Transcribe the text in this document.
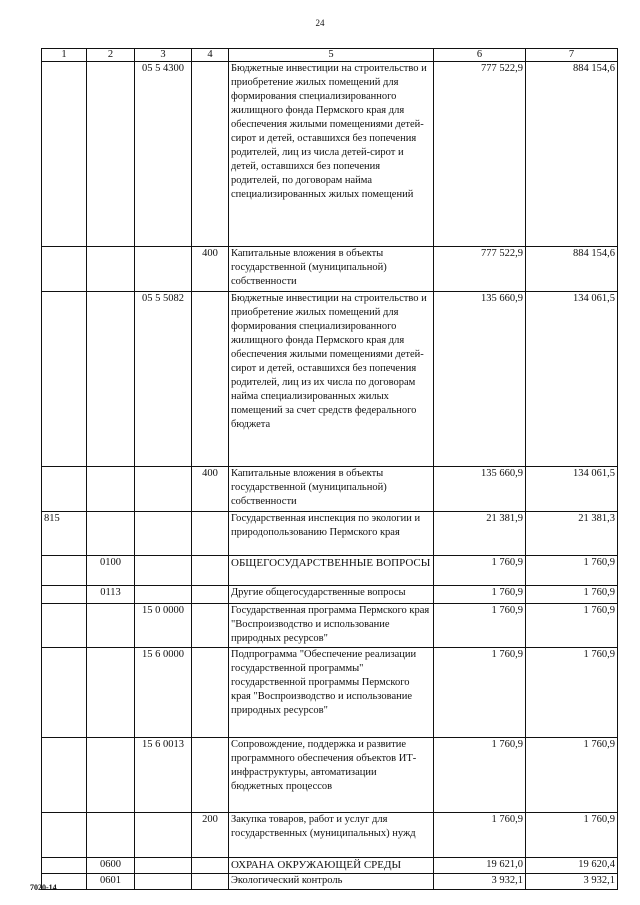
24
1	2	3	4	5	6	7
		05 5 4300		Бюджетные инвестиции на строительство и приобретение жилых помещений для формирования специализированного жилищного фонда Пермского края для обеспечения жилыми помещениями детей-сирот и детей, оставшихся без попечения родителей, лиц из числа детей-сирот и детей, оставшихся без попечения родителей, по договорам найма специализированных жилых помещений	777 522,9	884 154,6
			400	Капитальные вложения в объекты государственной (муниципальной) собственности	777 522,9	884 154,6
		05 5 5082		Бюджетные инвестиции на строительство и приобретение жилых помещений для формирования специализированного жилищного фонда Пермского края для обеспечения жилыми помещениями детей-сирот и детей, оставшихся без попечения родителей, лиц из их числа по договорам найма специализированных жилых помещений за счет средств федерального бюджета	135 660,9	134 061,5
			400	Капитальные вложения в объекты государственной (муниципальной) собственности	135 660,9	134 061,5
815				Государственная инспекция по экологии и природопользованию Пермского края	21 381,9	21 381,3
	0100			ОБЩЕГОСУДАРСТВЕННЫЕ ВОПРОСЫ	1 760,9	1 760,9
	0113			Другие общегосударственные вопросы	1 760,9	1 760,9
		15 0 0000		Государственная программа Пермского края "Воспроизводство и использование природных ресурсов"	1 760,9	1 760,9
		15 6 0000		Подпрограмма "Обеспечение реализации государственной программы" государственной программы Пермского края "Воспроизводство и использование природных ресурсов"	1 760,9	1 760,9
		15 6 0013		Сопровождение, поддержка и развитие программного обеспечения объектов ИТ-инфраструктуры, автоматизации бюджетных процессов	1 760,9	1 760,9
			200	Закупка товаров, работ и услуг для государственных (муниципальных) нужд	1 760,9	1 760,9
	0600			ОХРАНА ОКРУЖАЮЩЕЙ СРЕДЫ	19 621,0	19 620,4
	0601			Экологический контроль	3 932,1	3 932,1
7020-14
